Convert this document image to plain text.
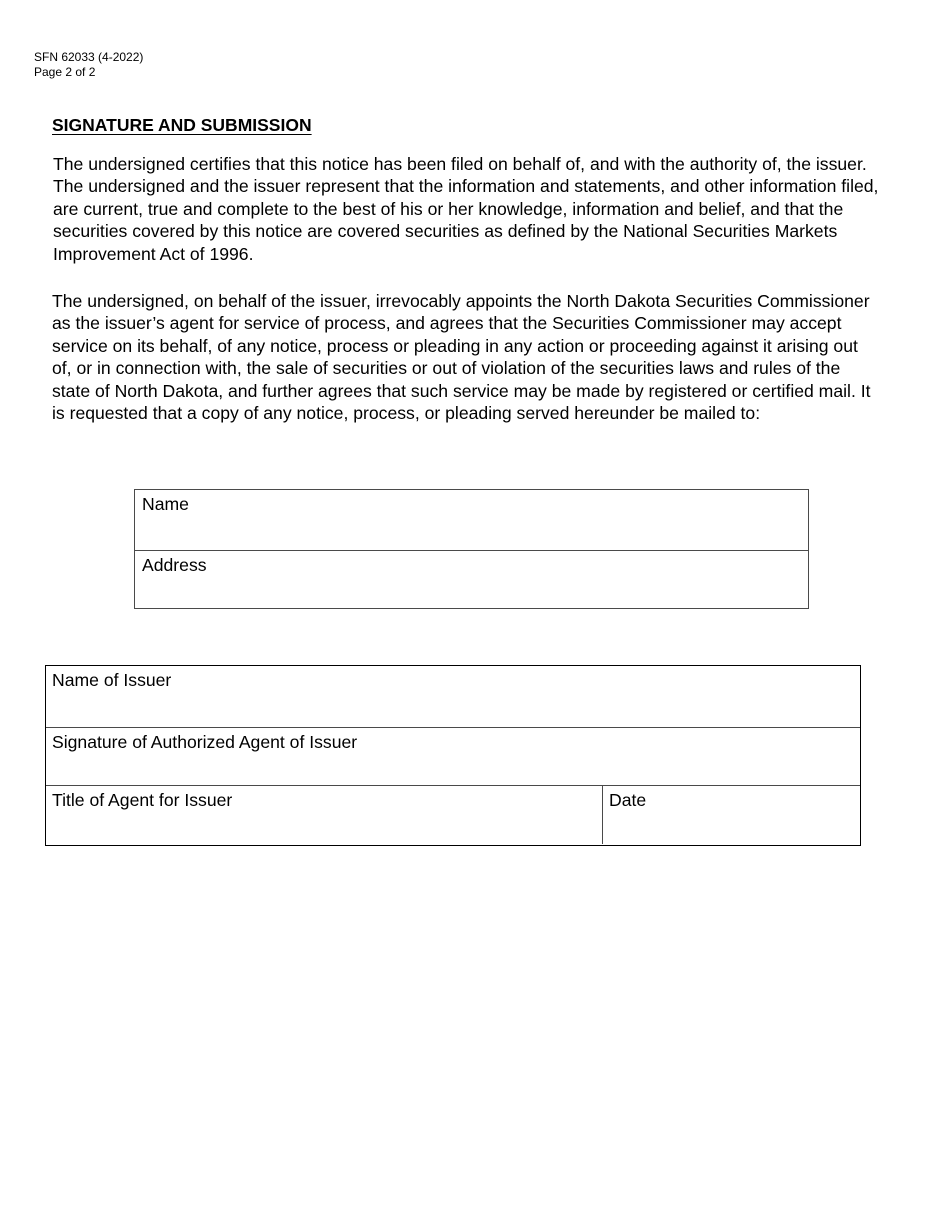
SFN 62033 (4-2022)
Page 2 of 2
SIGNATURE AND SUBMISSION

The undersigned certifies that this notice has been filed on behalf of, and with the authority of, the issuer. The undersigned and the issuer represent that the information and statements, and other information filed, are current, true and complete to the best of his or her knowledge, information and belief, and that the securities covered by this notice are covered securities as defined by the National Securities Markets Improvement Act of 1996.

The undersigned, on behalf of the issuer, irrevocably appoints the North Dakota Securities Commissioner as the issuer’s agent for service of process, and agrees that the Securities Commissioner may accept service on its behalf, of any notice, process or pleading in any action or proceeding against it arising out of, or in connection with, the sale of securities or out of violation of the securities laws and rules of the state of North Dakota, and further agrees that such service may be made by registered or certified mail. It is requested that a copy of any notice, process, or pleading served hereunder be mailed to:

Name
Address
Name of Issuer
Signature of Authorized Agent of Issuer
Title of Agent for Issuer	Date
